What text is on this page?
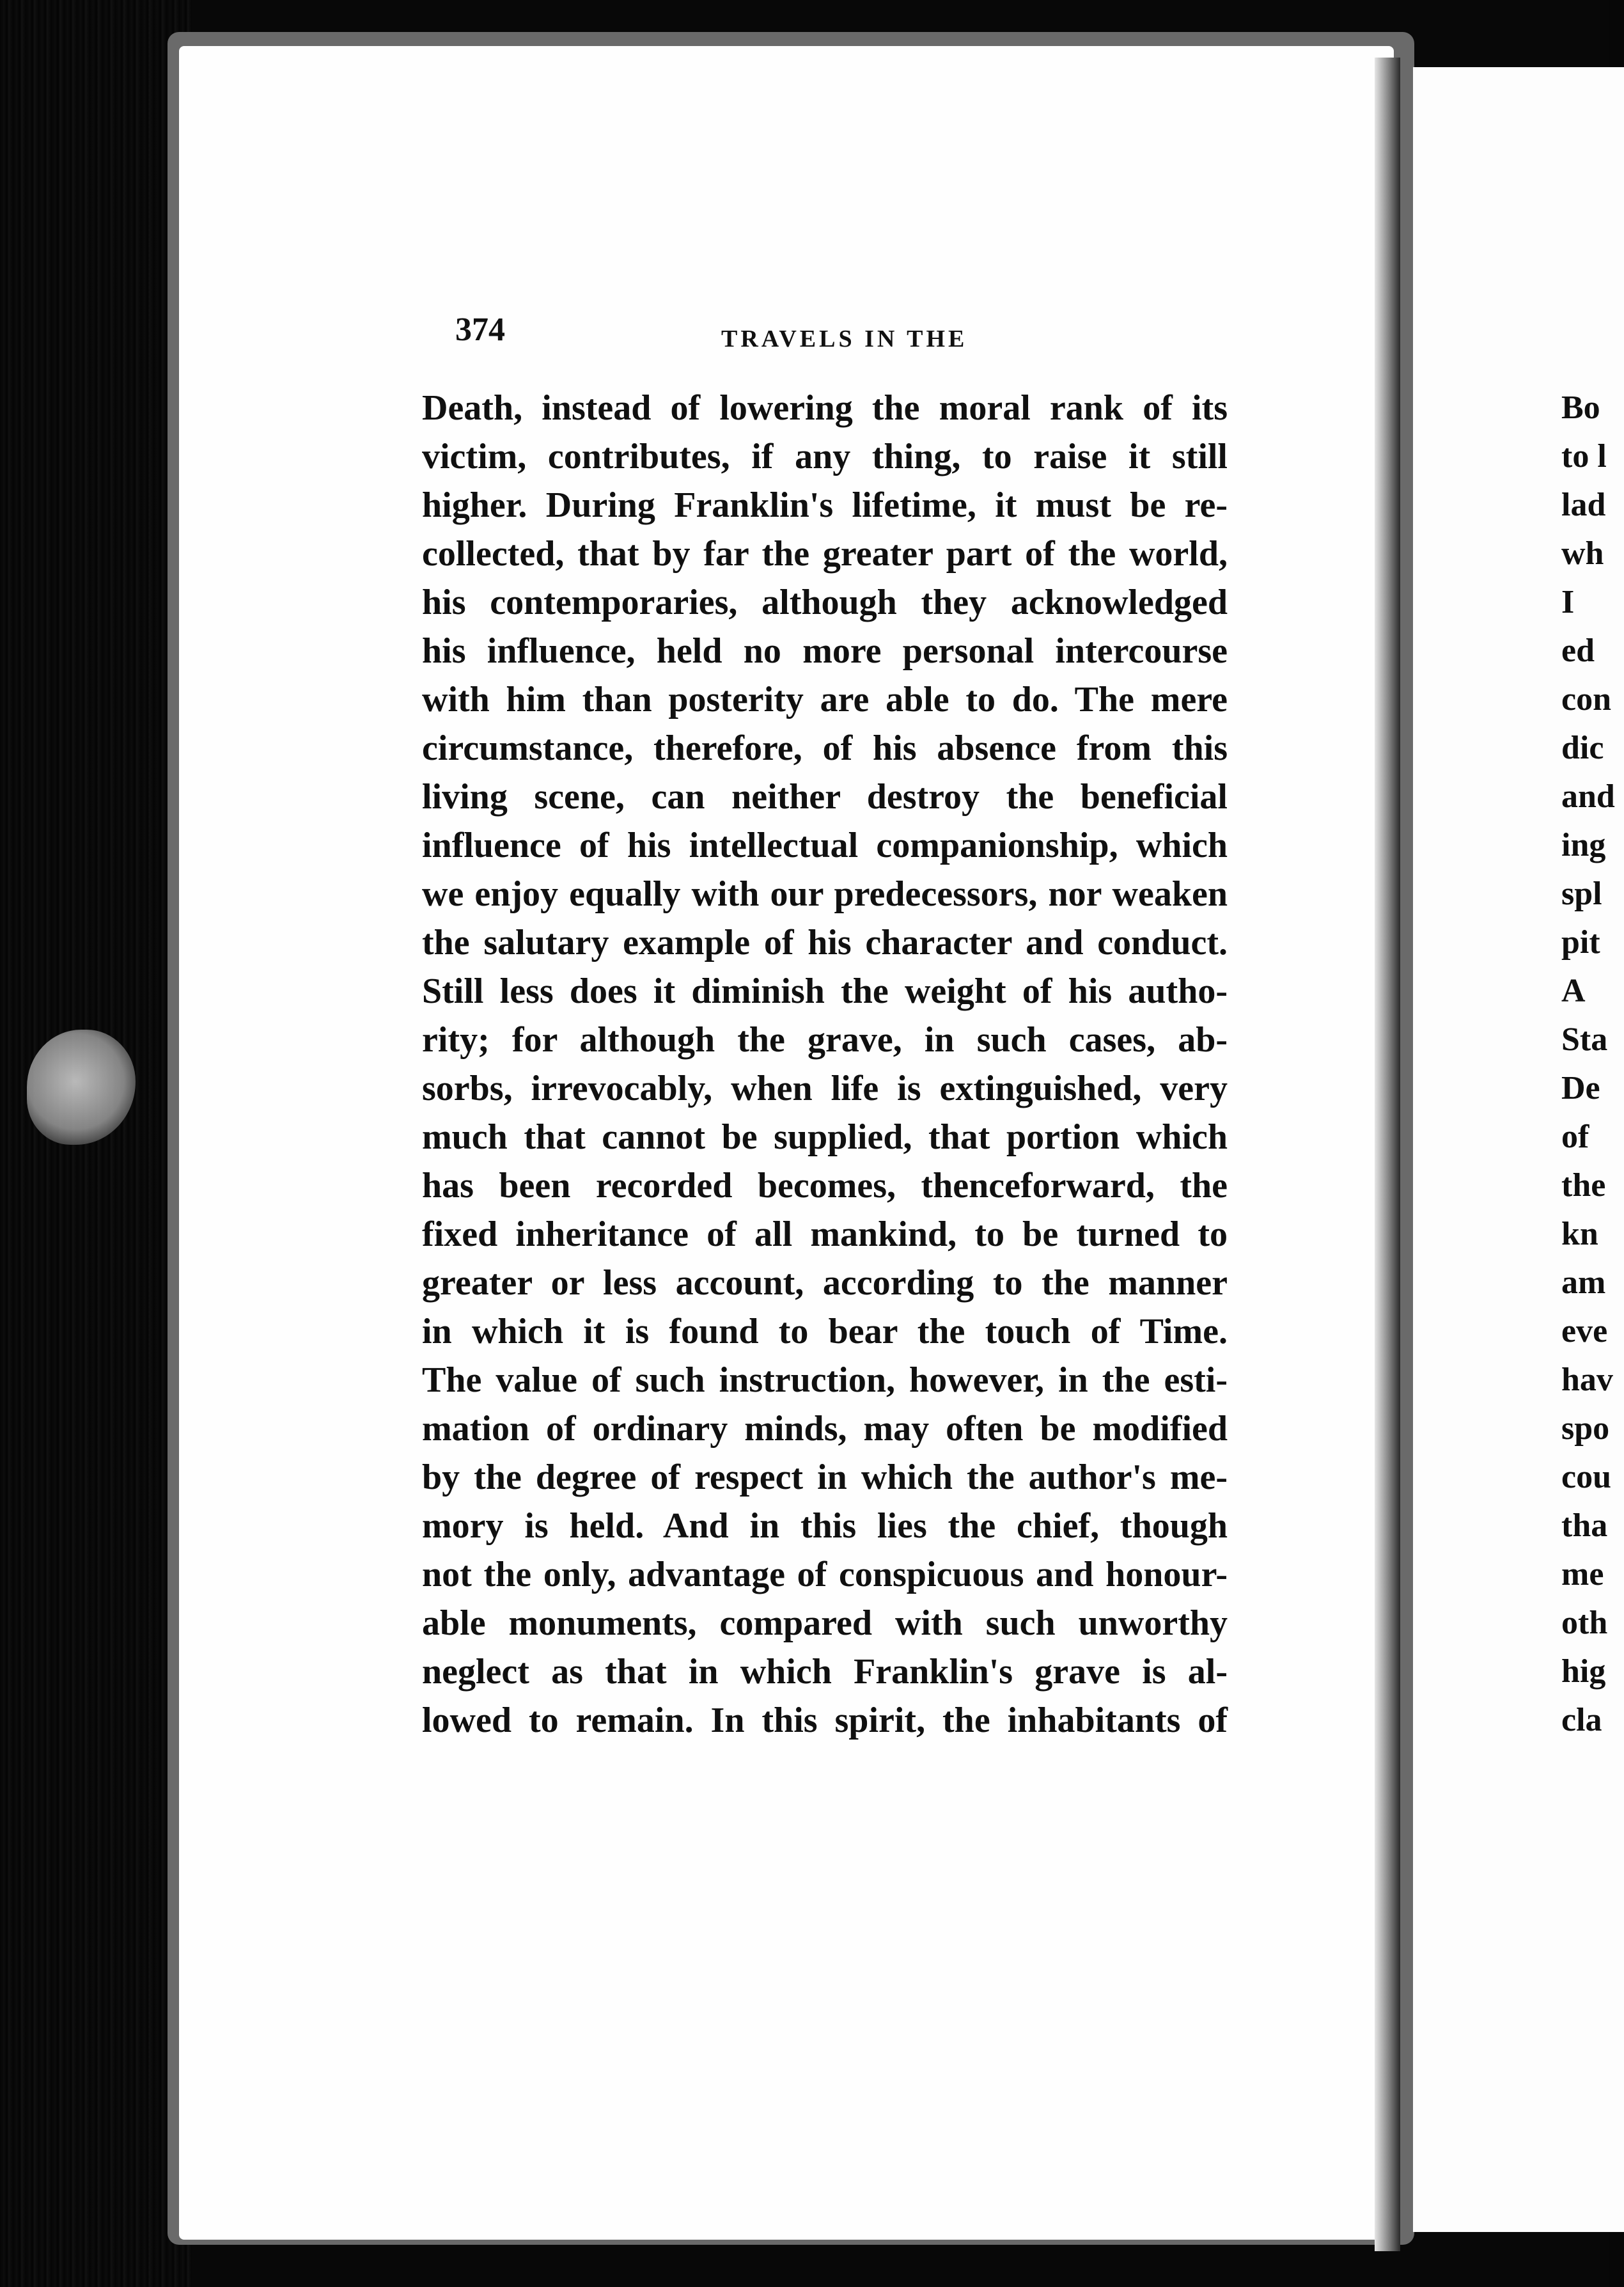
374	TRAVELS IN THE
Death, instead of lowering the moral rank of its
victim, contributes, if any thing, to raise it still
higher. During Franklin's lifetime, it must be re-
collected, that by far the greater part of the world,
his contemporaries, although they acknowledged
his influence, held no more personal intercourse
with him than posterity are able to do. The mere
circumstance, therefore, of his absence from this
living scene, can neither destroy the beneficial
influence of his intellectual companionship, which
we enjoy equally with our predecessors, nor weaken
the salutary example of his character and conduct.
Still less does it diminish the weight of his autho-
rity; for although the grave, in such cases, ab-
sorbs, irrevocably, when life is extinguished, very
much that cannot be supplied, that portion which
has been recorded becomes, thenceforward, the
fixed inheritance of all mankind, to be turned to
greater or less account, according to the manner
in which it is found to bear the touch of Time.
The value of such instruction, however, in the esti-
mation of ordinary minds, may often be modified
by the degree of respect in which the author's me-
mory is held. And in this lies the chief, though
not the only, advantage of conspicuous and honour-
able monuments, compared with such unworthy
neglect as that in which Franklin's grave is al-
lowed to remain. In this spirit, the inhabitants of
Bo
to l
lad
wh
I
ed
con
dic
and
ing
spl
pit
A
Sta
De
of
the
kn
am
eve
hav
spo
cou
tha
me
oth
hig
cla
